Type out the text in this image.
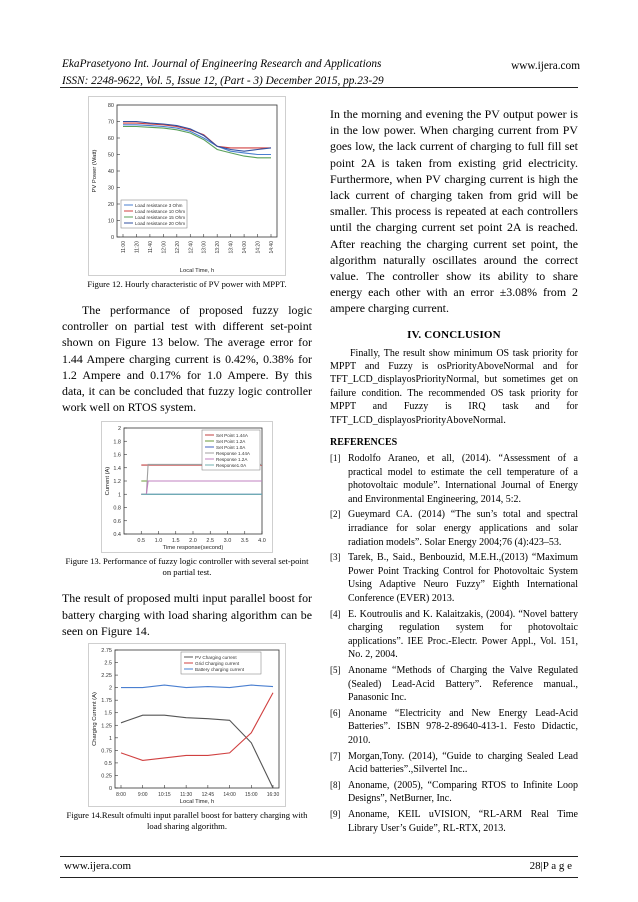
EkaPrasetyono Int. Journal of Engineering Research and Applications
ISSN: 2248-9622, Vol. 5, Issue 12, (Part - 3) December 2015, pp.23-29
www.ijera.com
0
10
20
30
40
50
60
70
80
11:00 11:20 11:40 12:00 12:20 12:40 13:00 13:20 13:40 14:00 14:20 14:40
Local Time, h
PV Power (Watt)
Load resistance 3 Ohm
Load resistance 10 Ohm
Load resistance 15 Ohm
Load resistance 20 Ohm

Figure 12. Hourly characteristic of PV power with MPPT.

The performance of proposed fuzzy logic controller on partial test with different set-point shown on Figure 13 below. The average error for 1.44 Ampere charging current is 0.42%, 0.38% for 1.2 Ampere and 0.17% for 1.0 Ampere. By this data, it can be concluded that fuzzy logic controller work well on RTOS system.

0.4
0.6
0.8
1
1.2
1.4
1.6
1.8
2
0.5 1.0 1.5 2.0 2.5 3.0 3.5 4.0
Time response(second)
Current (A)
Set Point 1.44A
Set Point 1.2A
Set Point 1.0A
Response 1.44A
Response 1.2A
Response1.0A

Figure 13. Performance of fuzzy logic controller with several set-point on partial test.

The result of proposed multi input parallel boost for battery charging with load sharing algorithm can be seen on Figure 14.

0
0.25
0.5
0.75
1
1.25
1.5
1.75
2
2.25
2.5
2.75
8:00 9:00 10:15 11:30 12:45 14:00 15:00 16:30
Local Time, h
Charging Current (A)
PV Charging current
Grid Charging current
Battery charging current

Figure 14.Result ofmulti input parallel boost for battery charging with load sharing algorithm.

In the morning and evening the PV output power is in the low power. When charging current from PV goes low, the lack current of charging to full fill set point 2A is taken from existing grid electricity. Furthermore, when PV charging current is high the lack current of charging taken from grid will be smaller. This process is repeated at each controllers until the charging current set point 2A is reached. After reaching the charging current set point, the algorithm naturally oscillates around the correct value. The controller show its ability to share energy each other with an error ±3.08% from 2 ampere charging current.

IV. CONCLUSION

Finally, The result show minimum OS task priority for MPPT and Fuzzy is osPriorityAboveNormal and for TFT_LCD_displayosPriorityNormal, but sometimes get on failure condition. The recommended OS task priority for MPPT and Fuzzy is IRQ task and for TFT_LCD_displayosPriorityAboveNormal.

REFERENCES
[1] Rodolfo Araneo, et all, (2014). “Assessment of a practical model to estimate the cell temperature of a photovoltaic module”. International Journal of Energy and Environmental Engineering, 2014, 5:2.
[2] Gueymard CA. (2014) “The sun’s total and spectral irradiance for solar energy applications and solar radiation models”. Solar Energy 2004;76 (4):423–53.
[3] Tarek, B., Said., Benbouzid, M.E.H.,(2013) “Maximum Power Point Tracking Control for Photovoltaic System Using Adaptive Neuro Fuzzy” Eighth International Conference (EVER) 2013.
[4] E. Koutroulis and K. Kalaitzakis, (2004). “Novel battery charging regulation system for photovoltaic applications”. IEE Proc.-Electr. Power Appl., Vol. 151, No. 2, 2004.
[5] Anoname “Methods of Charging the Valve Regulated (Sealed) Lead-Acid Battery”. Reference manual., Panasonic Inc.
[6] Anoname “Electricity and New Energy Lead-Acid Batteries”. ISBN 978-2-89640-413-1. Festo Didactic, 2010.
[7] Morgan,Tony. (2014), “Guide to charging Sealed Lead Acid batteries”.,Silvertel Inc..
[8] Anoname, (2005), “Comparing RTOS to Infinite Loop Designs”, NetBurner, Inc.
[9] Anoname, KEIL uVISION, “RL-ARM Real Time Library User’s Guide”, RL-RTX, 2013.
www.ijera.com	28|P a g e
